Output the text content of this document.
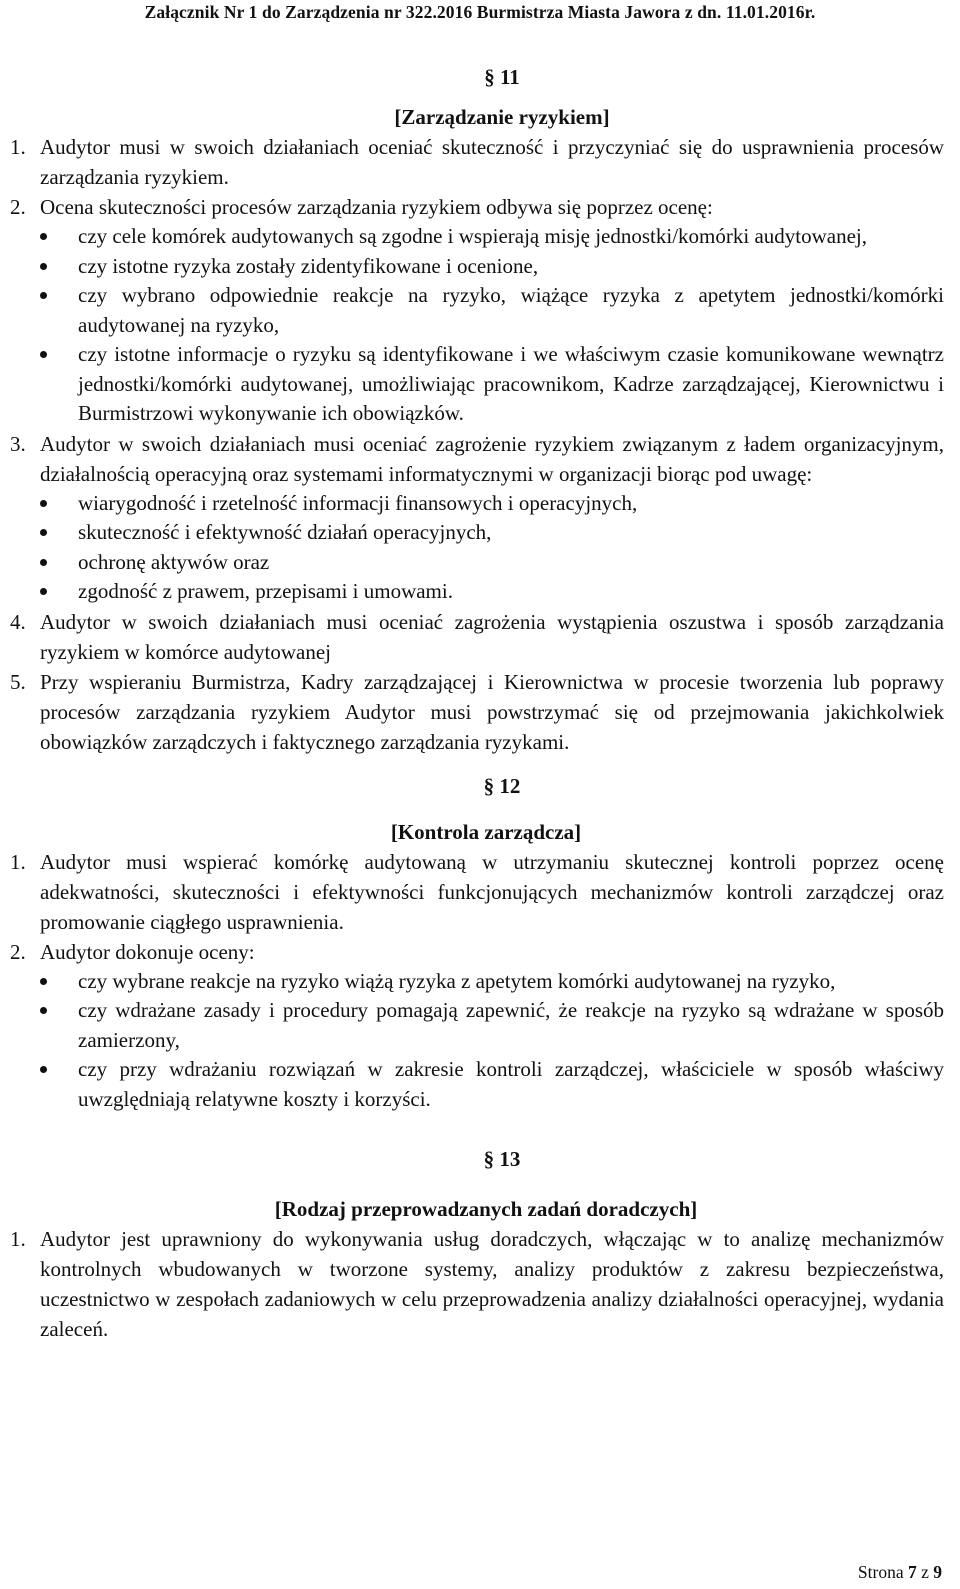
Załącznik Nr 1 do Zarządzenia nr 322.2016 Burmistrza Miasta Jawora z dn. 11.01.2016r.
§ 11
[Zarządzanie ryzykiem]
1. Audytor musi w swoich działaniach oceniać skuteczność i przyczyniać się do usprawnienia procesów zarządzania ryzykiem.
2. Ocena skuteczności procesów zarządzania ryzykiem odbywa się poprzez ocenę:
czy cele komórek audytowanych są zgodne i wspierają misję jednostki/komórki audytowanej,
czy istotne ryzyka zostały zidentyfikowane i ocenione,
czy wybrano odpowiednie reakcje na ryzyko, wiążące ryzyka z apetytem jednostki/komórki audytowanej na ryzyko,
czy istotne informacje o ryzyku są identyfikowane i we właściwym czasie komunikowane wewnątrz jednostki/komórki audytowanej, umożliwiając pracownikom, Kadrze zarządzającej, Kierownictwu i Burmistrzowi wykonywanie ich obowiązków.
3. Audytor w swoich działaniach musi oceniać zagrożenie ryzykiem związanym z ładem organizacyjnym, działalnością operacyjną oraz systemami informatycznymi w organizacji biorąc pod uwagę:
wiarygodność i rzetelność informacji finansowych i operacyjnych,
skuteczność i efektywność działań operacyjnych,
ochronę aktywów oraz
zgodność z prawem, przepisami i umowami.
4. Audytor w swoich działaniach musi oceniać zagrożenia wystąpienia oszustwa i sposób zarządzania ryzykiem w komórce audytowanej
5. Przy wspieraniu Burmistrza, Kadry zarządzającej i Kierownictwa w procesie tworzenia lub poprawy procesów zarządzania ryzykiem Audytor musi powstrzymać się od przejmowania jakichkolwiek obowiązków zarządczych i faktycznego zarządzania ryzykami.
§ 12
[Kontrola zarządcza]
1. Audytor musi wspierać komórkę audytowaną w utrzymaniu skutecznej kontroli poprzez ocenę adekwatności, skuteczności i efektywności funkcjonujących mechanizmów kontroli zarządczej oraz promowanie ciągłego usprawnienia.
2. Audytor dokonuje oceny:
czy wybrane reakcje na ryzyko wiążą ryzyka z apetytem komórki audytowanej na ryzyko,
czy wdrażane zasady i procedury pomagają zapewnić, że reakcje na ryzyko są wdrażane w sposób zamierzony,
czy przy wdrażaniu rozwiązań w zakresie kontroli zarządczej, właściciele w sposób właściwy uwzględniają relatywne koszty i korzyści.
§ 13
[Rodzaj przeprowadzanych zadań doradczych]
1. Audytor jest uprawniony do wykonywania usług doradczych, włączając w to analizę mechanizmów kontrolnych wbudowanych w tworzone systemy, analizy produktów z zakresu bezpieczeństwa, uczestnictwo w zespołach zadaniowych w celu przeprowadzenia analizy działalności operacyjnej, wydania zaleceń.
Strona 7 z 9
